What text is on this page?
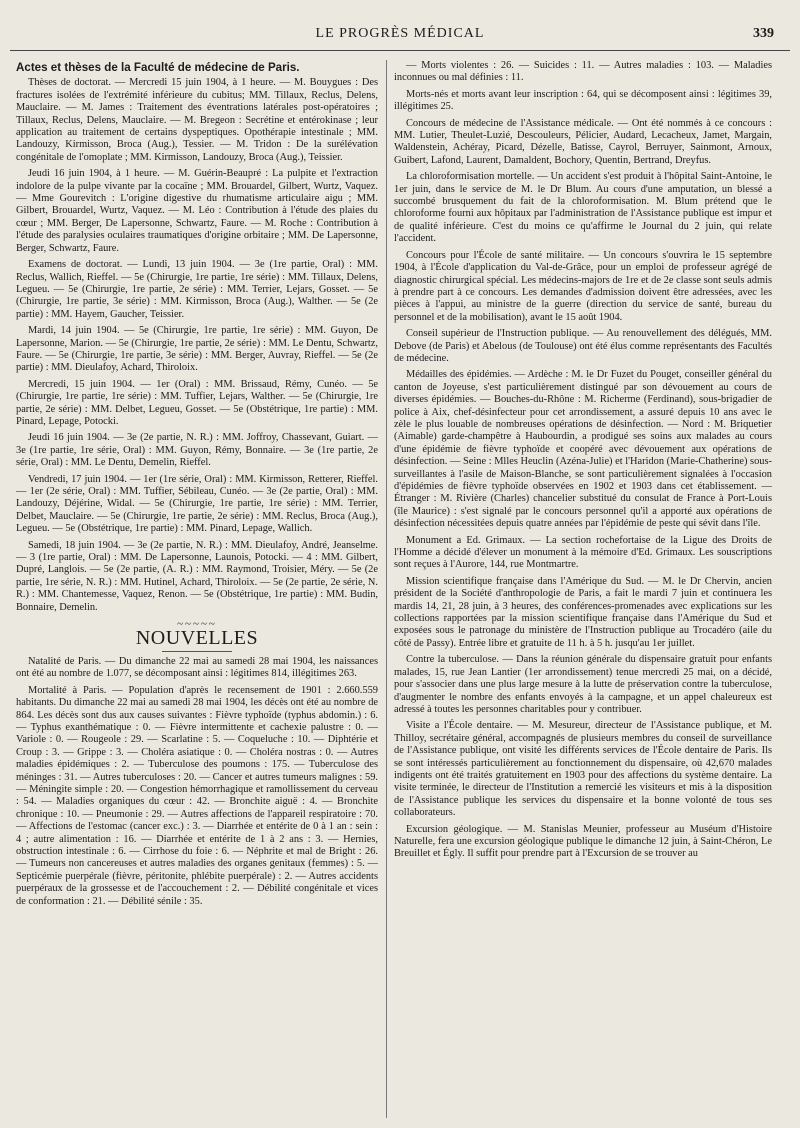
LE PROGRÈS MÉDICAL	339
Actes et thèses de la Faculté de médecine de Paris.

Thèses de doctorat. — Mercredi 15 juin 1904, à 1 heure. — M. Bouygues : Des fractures isolées de l'extrémité inférieure du cubitus; MM. Tillaux, Reclus, Delens, Mauclaire. — M. James : Traitement des éventrations latérales post-opératoires ; Tillaux, Reclus, Delens, Mauclaire. — M. Bregeon : Secrétine et entérokinase ; leur application au traitement de certains dyspeptiques. Opothérapie intestinale ; MM. Landouzy, Kirmisson, Broca (Aug.), Tessier. — M. Tridon : De la surélévation congénitale de l'omoplate ; MM. Kirmisson, Landouzy, Broca (Aug.), Teissier.

Jeudi 16 juin 1904, à 1 heure. — M. Guérin-Beaupré : La pulpite et l'extraction indolore de la pulpe vivante par la cocaïne ; MM. Brouardel, Gilbert, Wurtz, Vaquez. — Mme Gourevitch : L'origine digestive du rhumatisme articulaire aigu ; MM. Gilbert, Brouardel, Wurtz, Vaquez. — M. Léo : Contribution à l'étude des plaies du cœur ; MM. Berger, De Lapersonne, Schwartz, Faure. — M. Roche : Contribution à l'étude des paralysies oculaires traumatiques d'origine orbitaire ; MM. De Lapersonne, Berger, Schwartz, Faure.

Examens de doctorat. — Lundi, 13 juin 1904. — 3e (1re partie, Oral) : MM. Reclus, Wallich, Rieffel. — 5e (Chirurgie, 1re partie, 1re série) : MM. Tillaux, Delens, Legueu. — 5e (Chirurgie, 1re partie, 2e série) : MM. Terrier, Lejars, Gosset. — 5e (Chirurgie, 1re partie, 3e série) : MM. Kirmisson, Broca (Aug.), Walther. — 5e (2e partie) : MM. Hayem, Gaucher, Teissier.

Mardi, 14 juin 1904. — 5e (Chirurgie, 1re partie, 1re série) : MM. Guyon, De Lapersonne, Marion. — 5e (Chirurgie, 1re partie, 2e série) : MM. Le Dentu, Schwartz, Faure. — 5e (Chirurgie, 1re partie, 3e série) : MM. Berger, Auvray, Rieffel. — 5e (2e partie) : MM. Dieulafoy, Achard, Thiroloix.

Mercredi, 15 juin 1904. — 1er (Oral) : MM. Brissaud, Rémy, Cunéo. — 5e (Chirurgie, 1re partie, 1re série) : MM. Tuffier, Lejars, Walther. — 5e (Chirurgie, 1re partie, 2e série) : MM. Delbet, Legueu, Gosset. — 5e (Obstétrique, 1re partie) : MM. Pinard, Lepage, Potocki.

Jeudi 16 juin 1904. — 3e (2e partie, N. R.) : MM. Joffroy, Chassevant, Guiart. — 3e (1re partie, 1re série, Oral) : MM. Guyon, Rémy, Bonnaire. — 3e (1re partie, 2e série, Oral) : MM. Le Dentu, Demelin, Rieffel.

Vendredi, 17 juin 1904. — 1er (1re série, Oral) : MM. Kirmisson, Retterer, Rieffel. — 1er (2e série, Oral) : MM. Tuffier, Sébileau, Cunéo. — 3e (2e partie, Oral) : MM. Landouzy, Déjérine, Widal. — 5e (Chirurgie, 1re partie, 1re série) : MM. Terrier, Delbet, Mauclaire. — 5e (Chirurgie, 1re partie, 2e série) : MM. Reclus, Broca (Aug.), Legueu. — 5e (Obstétrique, 1re partie) : MM. Pinard, Lepage, Wallich.

Samedi, 18 juin 1904. — 3e (2e partie, N. R.) : MM. Dieulafoy, André, Jeanselme. — 3 (1re partie, Oral) : MM. De Lapersonne, Launois, Potocki. — 4 : MM. Gilbert, Dupré, Langlois. — 5e (2e partie, (A. R.) : MM. Raymond, Troisier, Méry. — 5e (2e partie, 1re série, N. R.) : MM. Hutinel, Achard, Thiroloix. — 5e (2e partie, 2e série, N. R.) : MM. Chantemesse, Vaquez, Renon. — 5e (Obstétrique, 1re partie) : MM. Budin, Bonnaire, Demelin.

~~~~~
NOUVELLES

Natalité de Paris. — Du dimanche 22 mai au samedi 28 mai 1904, les naissances ont été au nombre de 1.077, se décomposant ainsi : légitimes 814, illégitimes 263.

Mortalité à Paris. — Population d'après le recensement de 1901 : 2.660.559 habitants. Du dimanche 22 mai au samedi 28 mai 1904, les décès ont été au nombre de 864. Les décès sont dus aux causes suivantes : Fièvre typhoïde (typhus abdomin.) : 6. — Typhus exanthématique : 0. — Fièvre intermittente et cachexie palustre : 0. — Variole : 0. — Rougeole : 29. — Scarlatine : 5. — Coqueluche : 10. — Diphtérie et Croup : 3. — Grippe : 3. — Choléra asiatique : 0. — Choléra nostras : 0. — Autres maladies épidémiques : 2. — Tuberculose des poumons : 175. — Tuberculose des méninges : 31. — Autres tuberculoses : 20. — Cancer et autres tumeurs malignes : 59. — Méningite simple : 20. — Congestion hémorrhagique et ramollissement du cerveau : 54. — Maladies organiques du cœur : 42. — Bronchite aiguë : 4. — Bronchite chronique : 10. — Pneumonie : 29. — Autres affections de l'appareil respiratoire : 70. — Affections de l'estomac (cancer exc.) : 3. — Diarrhée et entérite de 0 à 1 an : sein : 4 ; autre alimentation : 16. — Diarrhée et entérite de 1 à 2 ans : 3. — Hernies, obstruction intestinale : 6. — Cirrhose du foie : 6. — Néphrite et mal de Bright : 26. — Tumeurs non cancereuses et autres maladies des organes genitaux (femmes) : 5. — Septicémie puerpérale (fièvre, péritonite, phlébite puerpérale) : 2. — Autres accidents puerpéraux de la grossesse et de l'accouchement : 2. — Débilité congénitale et vices de conformation : 21. — Débilité sénile : 35.

— Morts violentes : 26. — Suicides : 11. — Autres maladies : 103. — Maladies inconnues ou mal définies : 11.

Morts-nés et morts avant leur inscription : 64, qui se décomposent ainsi : légitimes 39, illégitimes 25.

Concours de médecine de l'Assistance médicale. — Ont été nommés à ce concours : MM. Lutier, Theulet-Luzié, Descouleurs, Pélicier, Audard, Lecacheux, Jamet, Margain, Waldenstein, Achéray, Picard, Dézelle, Batisse, Cayrol, Berruyer, Sainmont, Arnoux, Guibert, Lafond, Laurent, Damaldent, Bochory, Quentin, Bertrand, Dreyfus.

La chloroformisation mortelle. — Un accident s'est produit à l'hôpital Saint-Antoine, le 1er juin, dans le service de M. le Dr Blum. Au cours d'une amputation, un blessé a succombé brusquement du fait de la chloroformisation. M. Blum prétend que le chloroforme fourni aux hôpitaux par l'administration de l'Assistance publique est impur et de qualité inférieure. C'est du moins ce qu'affirme le Journal du 2 juin, qui relate l'accident.

Concours pour l'École de santé militaire. — Un concours s'ouvrira le 15 septembre 1904, à l'École d'application du Val-de-Grâce, pour un emploi de professeur agrégé de diagnostic chirurgical spécial. Les médecins-majors de 1re et de 2e classe sont seuls admis à prendre part à ce concours. Les demandes d'admission doivent être adressées, avec les pièces à l'appui, au ministre de la guerre (direction du service de santé, bureau du personnel et de la mobilisation), avant le 15 août 1904.

Conseil supérieur de l'Instruction publique. — Au renouvellement des délégués, MM. Debove (de Paris) et Abelous (de Toulouse) ont été élus comme représentants des Facultés de médecine.

Médailles des épidémies. — Ardèche : M. le Dr Fuzet du Pouget, conseiller général du canton de Joyeuse, s'est particulièrement distingué par son dévouement au cours de diverses épidémies. — Bouches-du-Rhône : M. Richerme (Ferdinand), sous-brigadier de police à Aix, chef-désinfecteur pour cet arrondissement, a assuré depuis 10 ans avec le zèle le plus louable de nombreuses opérations de désinfection. — Nord : M. Briquetier (Aimable) garde-champêtre à Haubourdin, a prodigué ses soins aux malades au cours d'une épidémie de fièvre typhoïde et coopéré avec dévouement aux opérations de désinfection. — Seine : Mlles Heuclin (Azéna-Julie) et l'Haridon (Marie-Chatherine) sous-surveillantes à l'asile de Maison-Blanche, se sont particulièrement signalées à l'occasion d'épidémies de fièvre typhoïde observées en 1902 et 1903 dans cet établissement. — Étranger : M. Rivière (Charles) chancelier substitué du consulat de France à Port-Louis (île Maurice) : s'est signalé par le concours personnel qu'il a apporté aux opérations de désinfection nécessitées depuis quatre années par l'épidémie de peste qui sévit dans l'île.

Monument a Ed. Grimaux. — La section rochefortaise de la Ligue des Droits de l'Homme a décidé d'élever un monument à la mémoire d'Ed. Grimaux. Les souscriptions sont reçues à l'Aurore, 144, rue Montmartre.

Mission scientifique française dans l'Amérique du Sud. — M. le Dr Chervin, ancien président de la Société d'anthropologie de Paris, a fait le mardi 7 juin et continuera les mardis 14, 21, 28 juin, à 3 heures, des conférences-promenades avec explications sur les collections rapportées par la mission scientifique française dans l'Amérique du Sud et exposées sous le patronage du ministère de l'Instruction publique au Trocadéro (aile du côté de Passy). Entrée libre et gratuite de 11 h. à 5 h. jusqu'au 1er juillet.

Contre la tuberculose. — Dans la réunion générale du dispensaire gratuit pour enfants malades, 15, rue Jean Lantier (1er arrondissement) tenue mercredi 25 mai, on a décidé, pour s'associer dans une plus large mesure à la lutte de préservation contre la tuberculose, d'augmenter le nombre des enfants envoyés à la campagne, et un appel chaleureux est adressé à toutes les personnes charitables pour y contribuer.

Visite a l'École dentaire. — M. Mesureur, directeur de l'Assistance publique, et M. Thilloy, secrétaire général, accompagnés de plusieurs membres du conseil de surveillance de l'Assistance publique, ont visité les différents services de l'École dentaire de Paris. Ils se sont intéressés particulièrement au fonctionnement du dispensaire, où 42,670 malades indigents ont été traités gratuitement en 1903 pour des affections du système dentaire. La visite terminée, le directeur de l'Institution a remercié les visiteurs et mis à la disposition de l'Assistance publique les services du dispensaire et la bonne volonté de tous ses collaborateurs.

Excursion géologique. — M. Stanislas Meunier, professeur au Muséum d'Histoire Naturelle, fera une excursion géologique publique le dimanche 12 juin, à Saint-Chéron, Le Breuillet et Égly. Il suffit pour prendre part à l'Excursion de se trouver au
